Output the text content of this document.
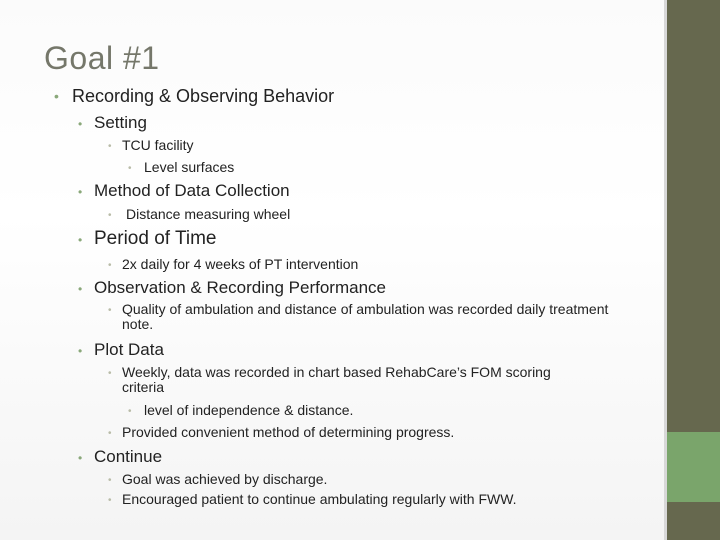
Goal #1
• Recording & Observing Behavior
• Setting
• TCU facility
• Level surfaces
• Method of Data Collection
• Distance measuring wheel
• Period of Time
• 2x daily for 4 weeks of PT intervention
• Observation & Recording Performance
• Quality of ambulation and distance of ambulation was recorded daily treatment note.
• Plot Data
• Weekly, data was recorded in chart based RehabCare’s FOM scoring criteria
• level of independence & distance.
• Provided convenient method of determining progress.
• Continue
• Goal was achieved by discharge.
• Encouraged patient to continue ambulating regularly with FWW.
